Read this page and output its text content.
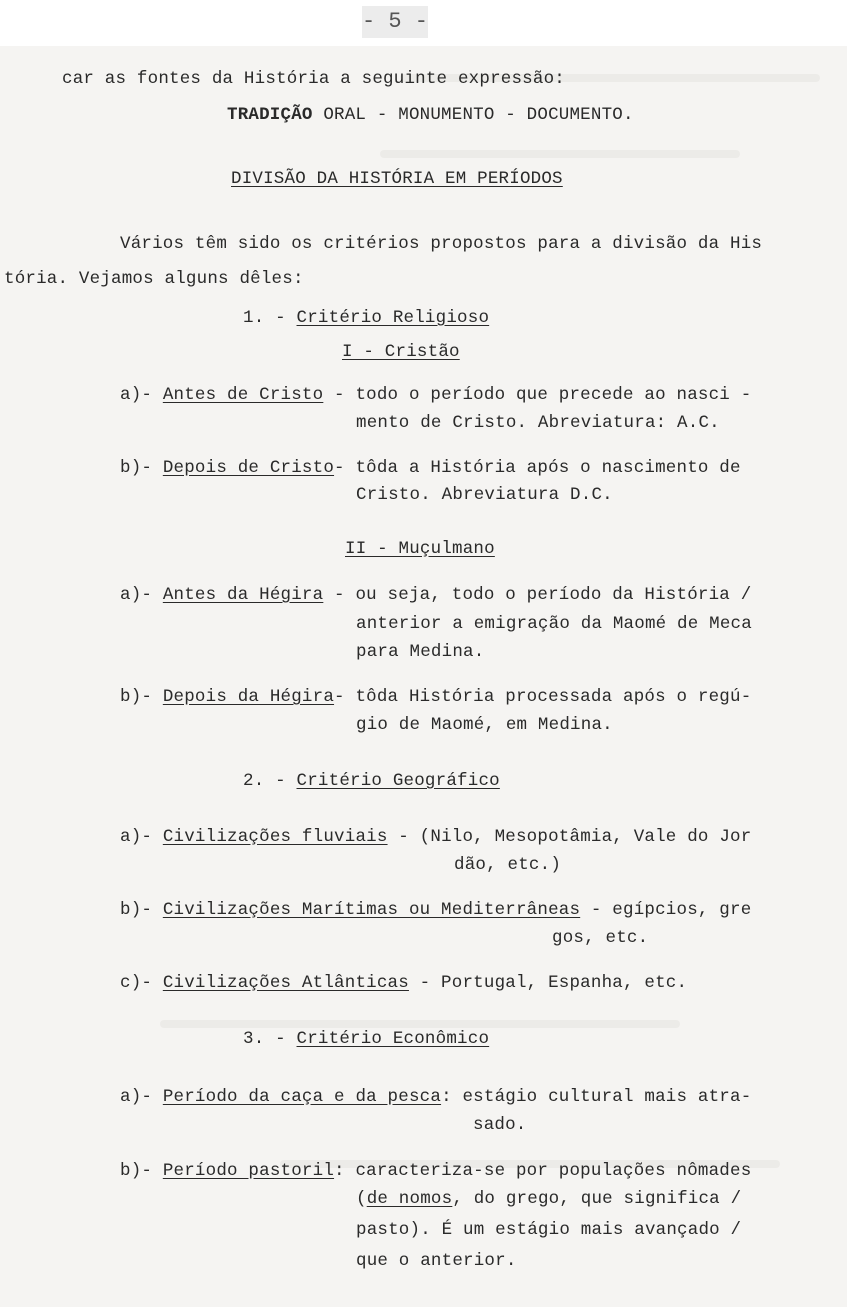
- 5 -
car as fontes da História a seguinte expressão:
TRADIÇÃO ORAL - MONUMENTO - DOCUMENTO.
DIVISÃO DA HISTÓRIA EM PERÍODOS
Vários têm sido os critérios propostos para a divisão da His
tória. Vejamos alguns dêles:
1. - Critério Religioso
I - Cristão
a)- Antes de Cristo - todo o período que precede ao nasci -
mento de Cristo. Abreviatura: A.C.
b)- Depois de Cristo- tôda a História após o nascimento de
Cristo. Abreviatura D.C.
II - Muçulmano
a)- Antes da Hégira - ou seja, todo o período da História /
anterior a emigração da Maomé de Meca
para Medina.
b)- Depois da Hégira- tôda História processada após o regú-
gio de Maomé, em Medina.
2. - Critério Geográfico
a)- Civilizações fluviais - (Nilo, Mesopotâmia, Vale do Jor
dão, etc.)
b)- Civilizações Marítimas ou Mediterrâneas - egípcios, gre
gos, etc.
c)- Civilizações Atlânticas - Portugal, Espanha, etc.
3. - Critério Econômico
a)- Período da caça e da pesca: estágio cultural mais atra-
sado.
b)- Período pastoril: caracteriza-se por populações nômades
(de nomos, do grego, que significa /
pasto). É um estágio mais avançado /
que o anterior.
